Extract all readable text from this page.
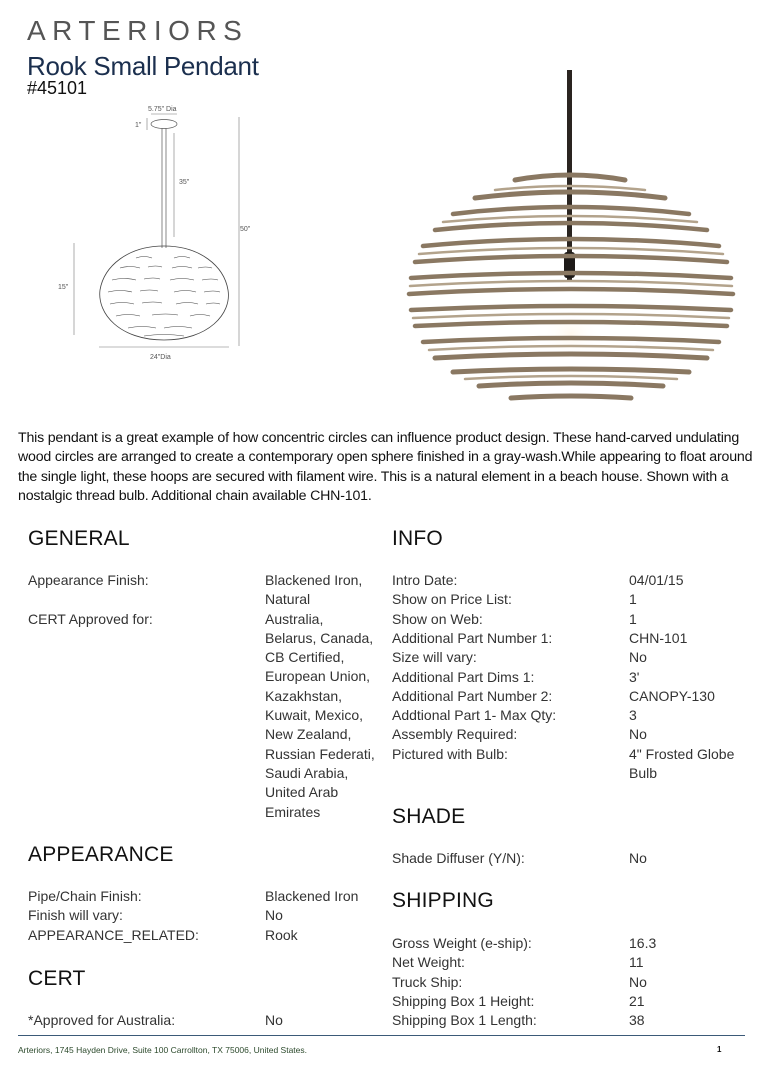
ARTERIORS
Rook Small Pendant
#45101
5.75" Dia
1"
35"
50"
15"
24"Dia

This pendant is a great example of how concentric circles can influence product design. These hand-carved undulating wood circles are arranged to create a contemporary open sphere finished in a gray-wash.While appearing to float around the single light, these hoops are secured with filament wire. This is a natural element in a beach house. Shown with a nostalgic thread bulb. Additional chain available CHN-101.

GENERAL
Appearance Finish:	Blackened Iron,
Natural
CERT Approved for:	Australia,
Belarus, Canada,
CB Certified,
European Union,
Kazakhstan,
Kuwait, Mexico,
New Zealand,
Russian Federati,
Saudi Arabia,
United Arab
Emirates
APPEARANCE
Pipe/Chain Finish:	Blackened Iron
Finish will vary:	No
APPEARANCE_RELATED:	Rook
CERT
*Approved for Australia:	No
INFO
Intro Date:	04/01/15
Show on Price List:	1
Show on Web:	1
Additional Part Number 1:	CHN-101
Size will vary:	No
Additional Part Dims 1:	3'
Additional Part Number 2:	CANOPY-130
Addtional Part 1- Max Qty:	3
Assembly Required:	No
Pictured with Bulb:	4" Frosted Globe
Bulb
SHADE
Shade Diffuser (Y/N):	No
SHIPPING
Gross Weight (e-ship):	16.3
Net Weight:	11
Truck Ship:	No
Shipping Box 1 Height:	21
Shipping Box 1 Length:	38
Arteriors, 1745 Hayden Drive, Suite 100 Carrollton, TX 75006, United States.	1
